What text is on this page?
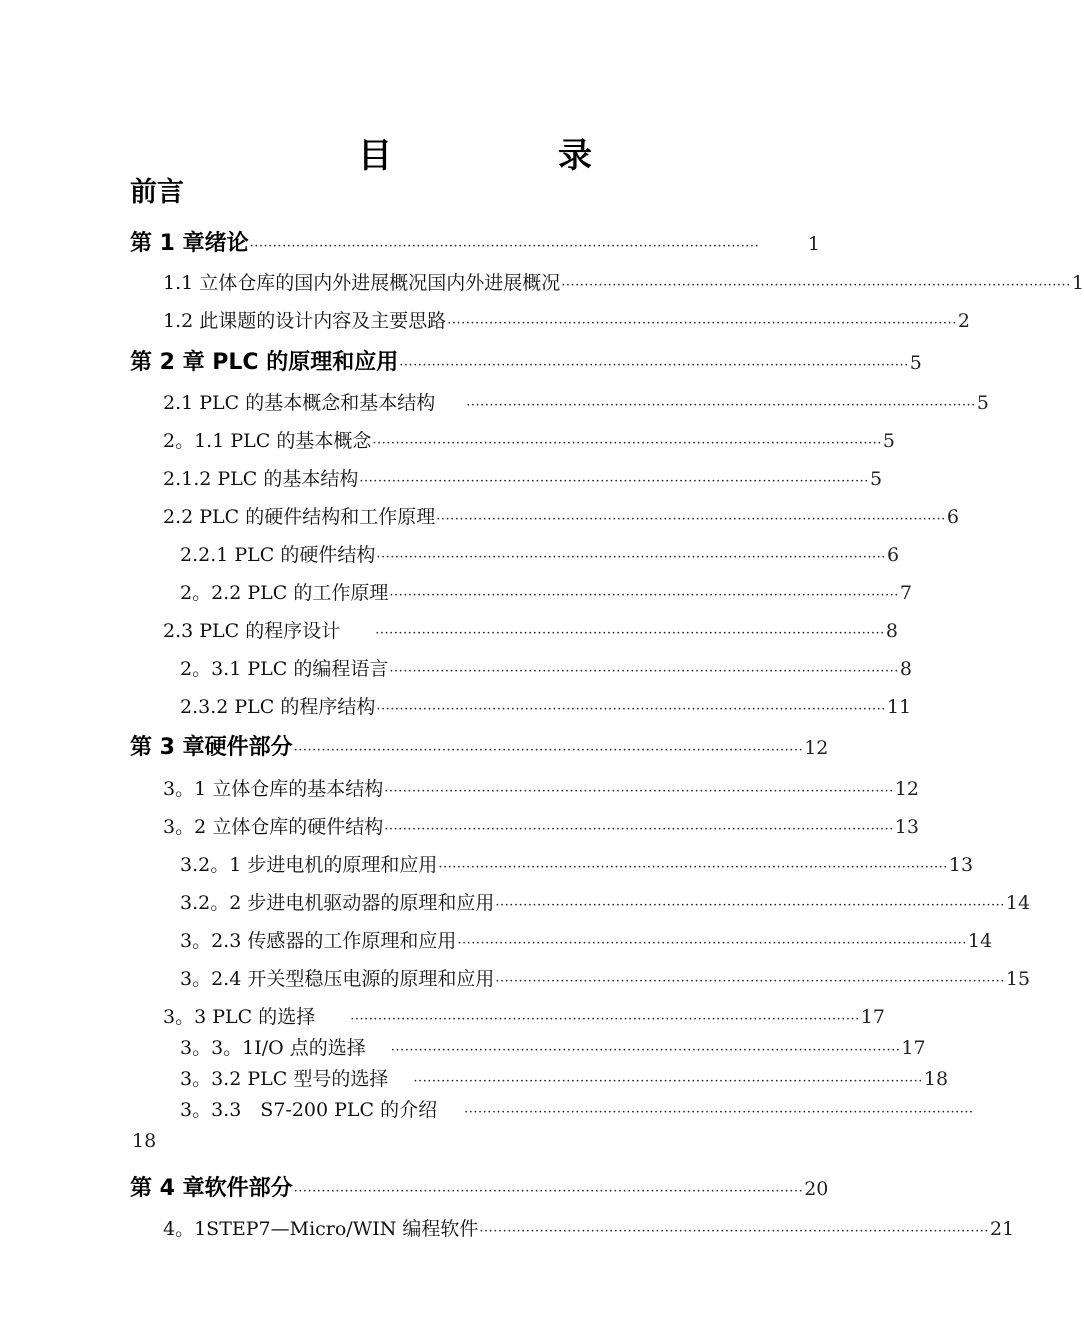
目　录
前言
第 1 章绪论 ··············································································································	1
1.1 立体仓库的国内外进展概况国内外进展概况 ·············································································································· 1
1.2 此课题的设计内容及主要思路 ·············································································································· 2
第 2 章 PLC 的原理和应用 ·············································································································· 5
2.1 PLC 的基本概念和基本结构 ·············································································································· 5
2。1.1 PLC 的基本概念 ·············································································································· 5
2.1.2 PLC 的基本结构 ·············································································································· 5
2.2 PLC 的硬件结构和工作原理 ·············································································································· 6
2.2.1 PLC 的硬件结构 ·············································································································· 6
2。2.2 PLC 的工作原理 ·············································································································· 7
2.3 PLC 的程序设计	·············································································································· 8
2。3.1 PLC 的编程语言 ·············································································································· 8
2.3.2 PLC 的程序结构 ·············································································································· 11
第 3 章硬件部分 ·············································································································· 12
3。1 立体仓库的基本结构 ·············································································································· 12
3。2 立体仓库的硬件结构 ·············································································································· 13
3.2。1 步进电机的原理和应用 ·············································································································· 13
3.2。2 步进电机驱动器的原理和应用 ·············································································································· 14
3。2.3 传感器的工作原理和应用 ·············································································································· 14
3。2.4 开关型稳压电源的原理和应用 ·············································································································· 15
3。3 PLC 的选择	·············································································································· 17
3。3。1I/O 点的选择 ·············································································································· 17
3。3.2 PLC 型号的选择 ·············································································································· 18
3。3.3　S7-200 PLC 的介绍 ··············································································································
18
第 4 章软件部分 ·············································································································· 20
4。1STEP7—Micro/WIN 编程软件 ·············································································································· 21
